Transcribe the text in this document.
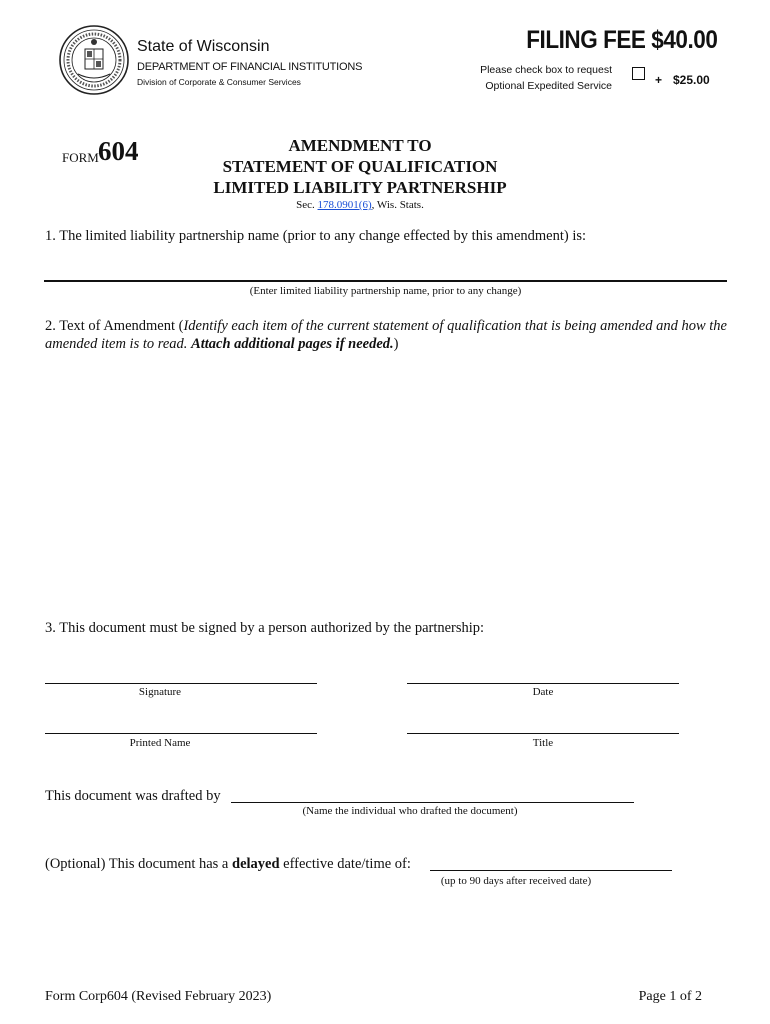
State of Wisconsin
DEPARTMENT OF FINANCIAL INSTITUTIONS
Division of Corporate & Consumer Services
FILING FEE $40.00
Please check box to request
Optional Expedited Service	+ $25.00
FORM 604	AMENDMENT TO
STATEMENT OF QUALIFICATION
LIMITED LIABILITY PARTNERSHIP
Sec. 178.0901(6), Wis. Stats.
1. The limited liability partnership name (prior to any change effected by this amendment) is:
(Enter limited liability partnership name, prior to any change)
2. Text of Amendment (Identify each item of the current statement of qualification that is being amended and how the amended item is to read. Attach additional pages if needed.)
3. This document must be signed by a person authorized by the partnership:
Signature	Date
Printed Name	Title
This document was drafted by
(Name the individual who drafted the document)
(Optional) This document has a delayed effective date/time of:
(up to 90 days after received date)
Form Corp604 (Revised February 2023)	Page 1 of 2
